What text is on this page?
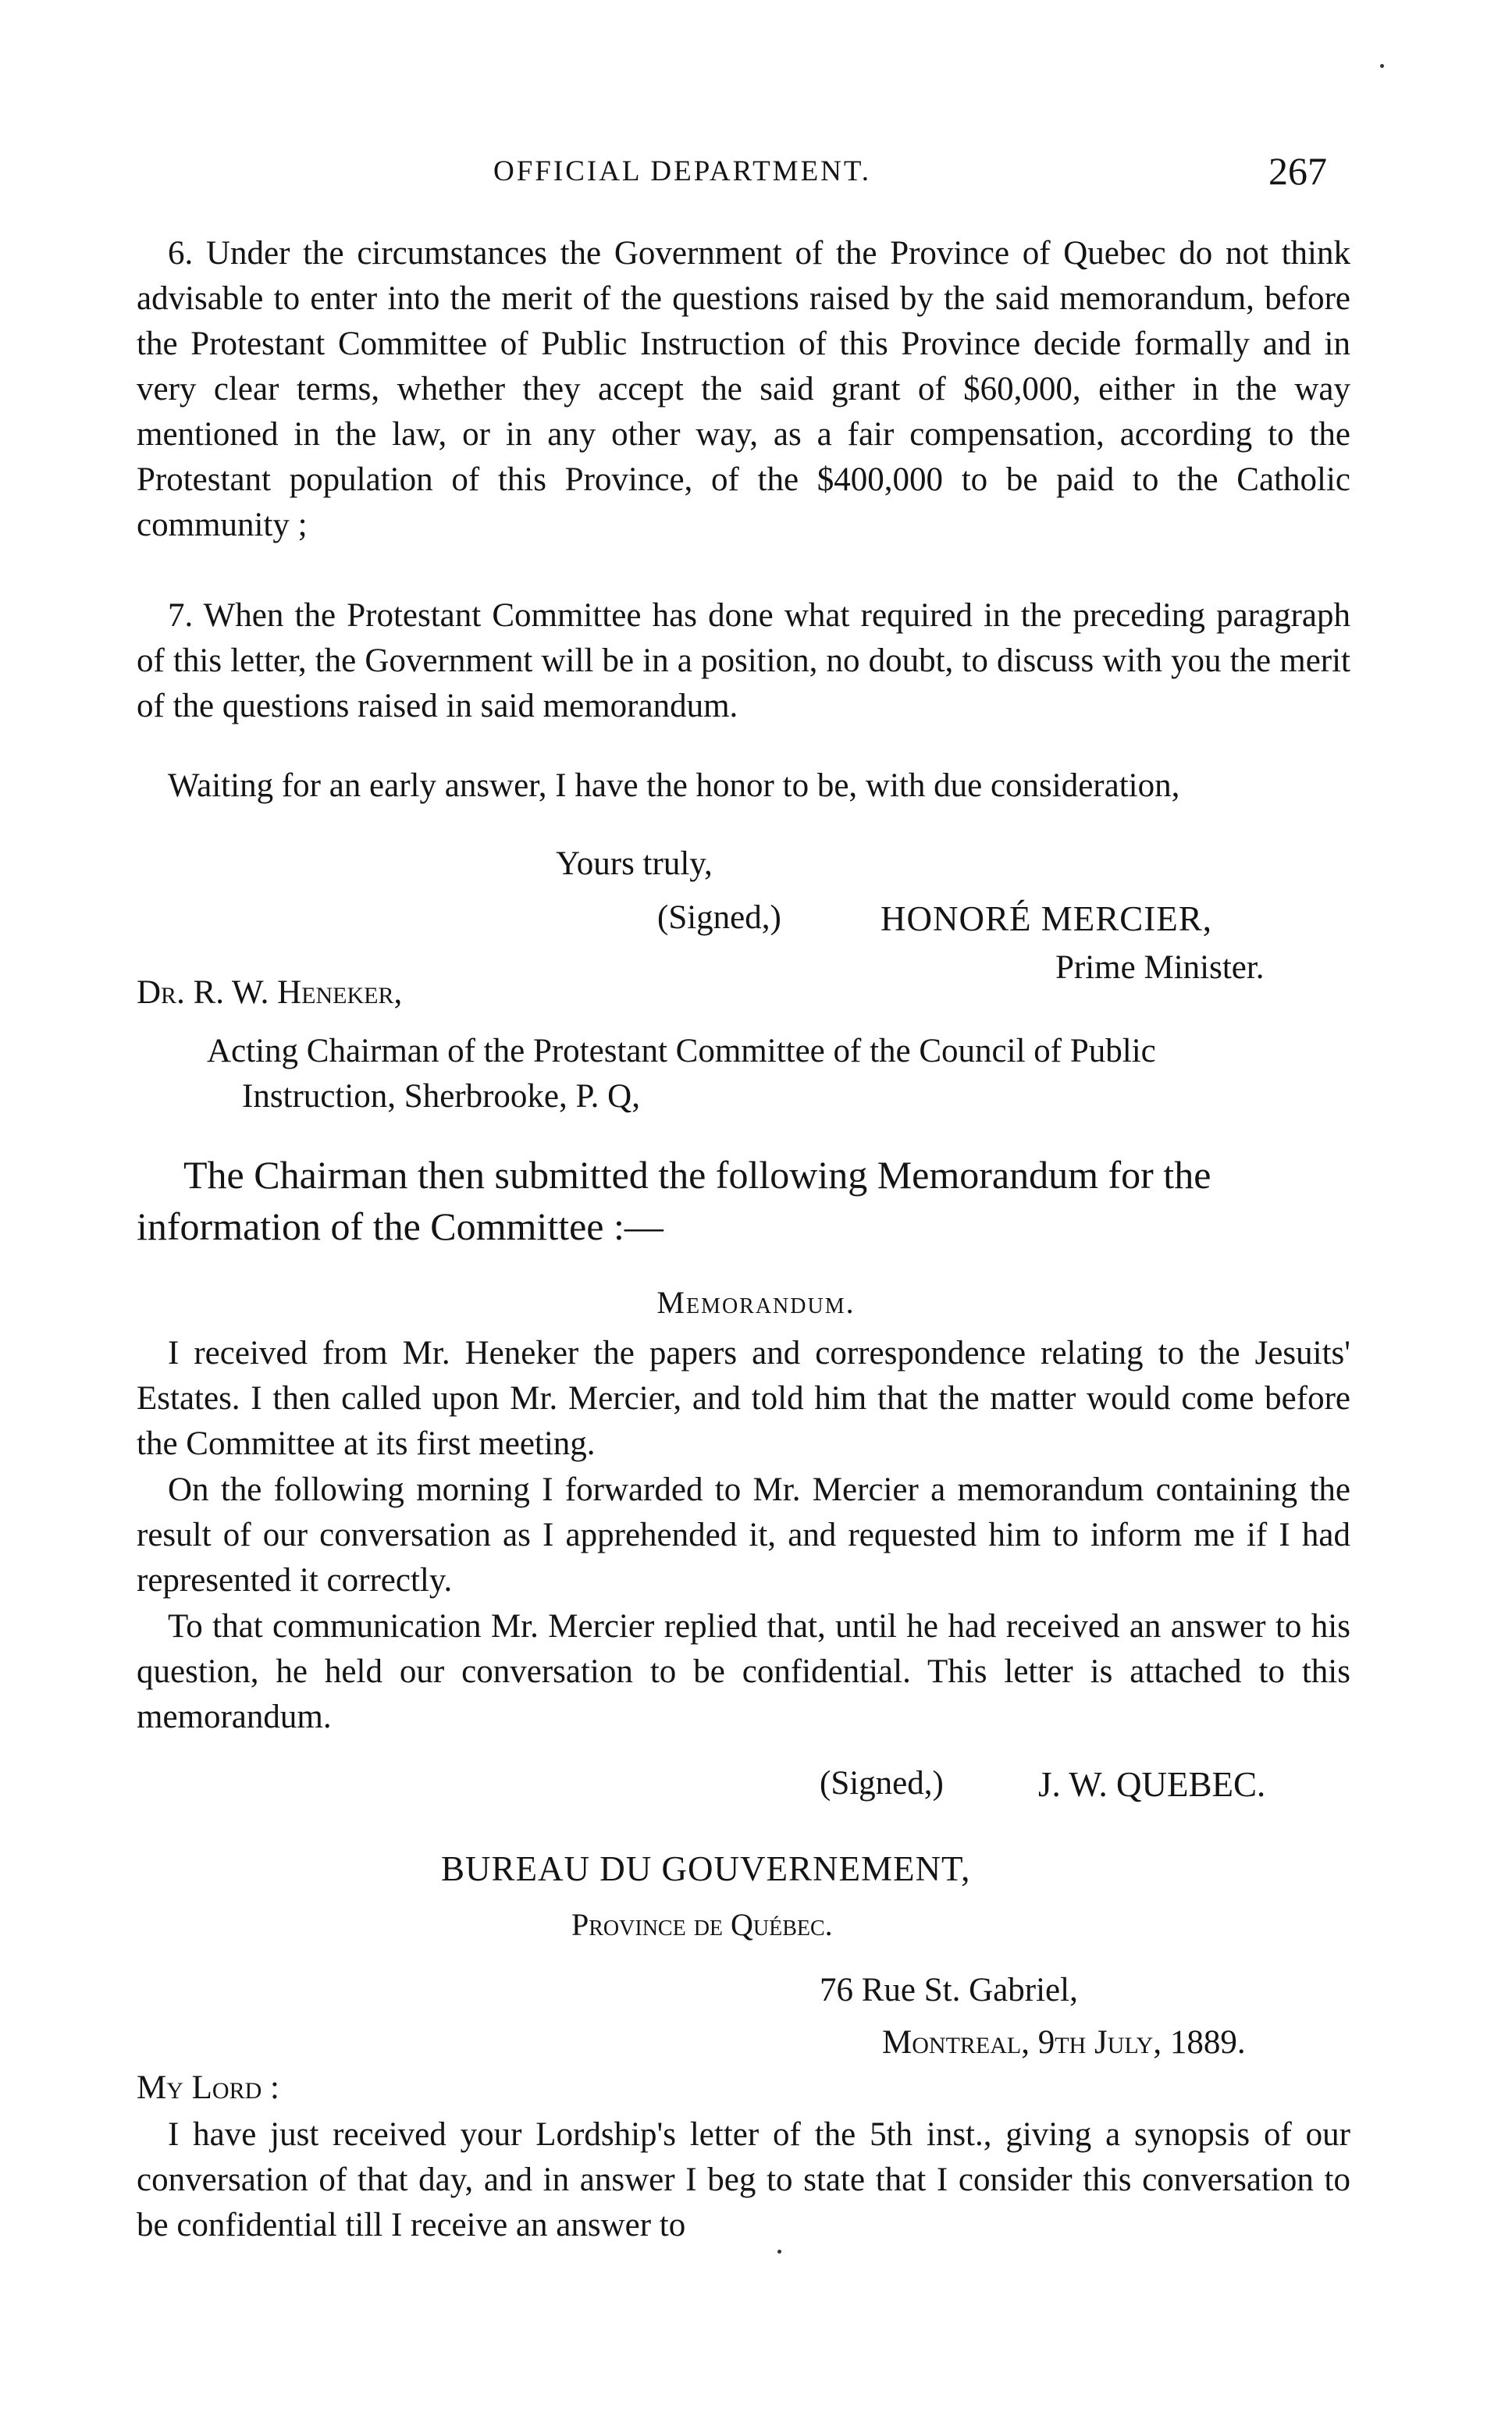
OFFICIAL DEPARTMENT.	267

6. Under the circumstances the Government of the Province of Quebec do not think advisable to enter into the merit of the questions raised by the said memorandum, before the Protestant Committee of Public Instruction of this Province decide formally and in very clear terms, whether they accept the said grant of $60,000, either in the way mentioned in the law, or in any other way, as a fair compensation, according to the Protestant population of this Province, of the $400,000 to be paid to the Catholic community ;

7. When the Protestant Committee has done what required in the preceding paragraph of this letter, the Government will be in a position, no doubt, to discuss with you the merit of the questions raised in said memorandum.

Waiting for an early answer, I have the honor to be, with due consideration,

Yours truly,
(Signed,)	HONORÉ MERCIER,
Prime Minister.
Dr. R. W. Heneker,
Acting Chairman of the Protestant Committee of the Council of Public
Instruction, Sherbrooke, P. Q,

The Chairman then submitted the following Memorandum for the information of the Committee :—

Memorandum.

I received from Mr. Heneker the papers and correspondence relating to the Jesuits' Estates. I then called upon Mr. Mercier, and told him that the matter would come before the Committee at its first meeting.

On the following morning I forwarded to Mr. Mercier a memorandum containing the result of our conversation as I apprehended it, and requested him to inform me if I had represented it correctly.

To that communication Mr. Mercier replied that, until he had received an answer to his question, he held our conversation to be confidential. This letter is attached to this memorandum.

(Signed,)	J. W. QUEBEC.
BUREAU DU GOUVERNEMENT,
Province de Québec.
76 Rue St. Gabriel,
Montreal, 9th July, 1889.
My Lord :

I have just received your Lordship's letter of the 5th inst., giving a synopsis of our conversation of that day, and in answer I beg to state that I consider this conversation to be confidential till I receive an answer to
